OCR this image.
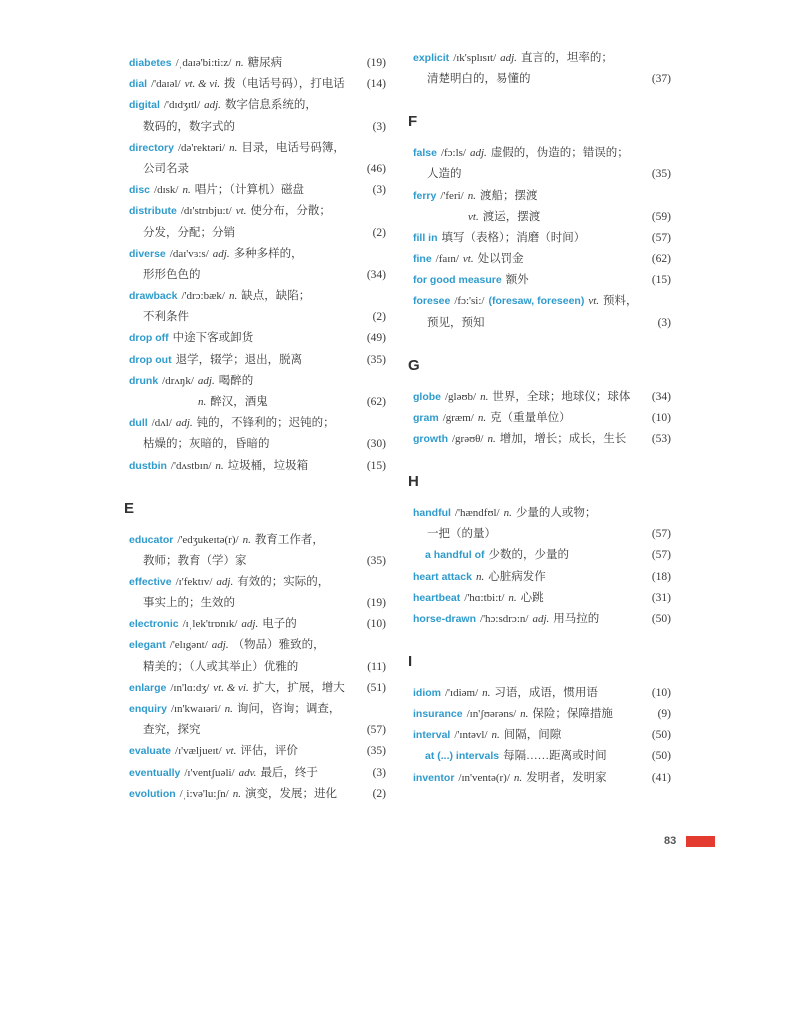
diabetes /ˌdaɪə'bi:ti:z/ n. 糖尿病	(19)
dial /'daɪəl/ vt. & vi. 拨（电话号码），打电话 (14)
digital /'dɪdʒɪtl/ adj. 数字信息系统的，
数码的，数字式的	(3)
directory /də'rektəri/ n. 目录，电话号码簿，
公司名录	(46)
disc /dɪsk/ n. 唱片；（计算机）磁盘	(3)
distribute /dɪ'strɪbju:t/ vt. 使分布，分散；
分发，分配；分销	(2)
diverse /daɪ'vɜ:s/ adj. 多种多样的，
形形色色的	(34)
drawback /'drɔ:bæk/ n. 缺点，缺陷；
不利条件	(2)
drop off 中途下客或卸货	(49)
drop out 退学，辍学；退出，脱离	(35)
drunk /drʌŋk/ adj. 喝醉的
n. 醉汉，酒鬼	(62)
dull /dʌl/ adj. 钝的，不锋利的；迟钝的；
枯燥的；灰暗的，昏暗的	(30)
dustbin /'dʌstbɪn/ n. 垃圾桶，垃圾箱	(15)
E
educator /'edʒukeɪtə(r)/ n. 教育工作者，
教师；教育（学）家	(35)
effective /ɪ'fektɪv/ adj. 有效的；实际的，
事实上的；生效的	(19)
electronic /ɪˌlek'trɒnɪk/ adj. 电子的	(10)
elegant /'elɪgənt/ adj. （物品）雅致的，
精美的；（人或其举止）优雅的	(11)
enlarge /ɪn'lɑ:dʒ/ vt. & vi. 扩大，扩展，增大 (51)
enquiry /ɪn'kwaɪəri/ n. 询问，咨询；调查，
查究，探究	(57)
evaluate /ɪ'væljueɪt/ vt. 评估，评价	(35)
eventually /ɪ'ventʃuəli/ adv. 最后，终于	(3)
evolution /ˌi:və'lu:ʃn/ n. 演变，发展；进化	(2)
explicit /ɪk'splɪsɪt/ adj. 直言的，坦率的；
清楚明白的，易懂的	(37)
F
false /fɔ:ls/ adj. 虚假的，伪造的；错误的；
人造的	(35)
ferry /'feri/ n. 渡船；摆渡
vt. 渡运，摆渡	(59)
fill in 填写（表格）；消磨（时间）	(57)
fine /faɪn/ vt. 处以罚金	(62)
for good measure 额外	(15)
foresee /fɔ:'si:/ (foresaw, foreseen) vt. 预料，
预见，预知	(3)
G
globe /gləʊb/ n. 世界，全球；地球仪；球体 (34)
gram /græm/ n. 克（重量单位）	(10)
growth /grəʊθ/ n. 增加，增长；成长，生长 (53)
H
handful /'hændfʊl/ n. 少量的人或物；
一把（的量）	(57)
a handful of 少数的，少量的	(57)
heart attack n. 心脏病发作	(18)
heartbeat /'hɑ:tbi:t/ n. 心跳	(31)
horse-drawn /'hɔ:sdrɔ:n/ adj. 用马拉的	(50)
I
idiom /'ɪdiəm/ n. 习语，成语，惯用语	(10)
insurance /ɪn'ʃʊərəns/ n. 保险；保障措施	(9)
interval /'ɪntəvl/ n. 间隔，间隙	(50)
at (...) intervals 每隔……距离或时间	(50)
inventor /ɪn'ventə(r)/ n. 发明者，发明家	(41)
83
